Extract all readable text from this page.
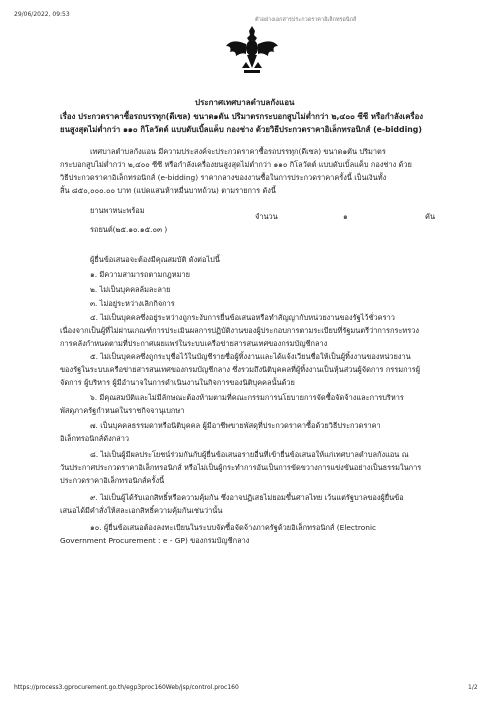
29/06/2022, 09:53
ตัวอย่างเอกสารประกวดราคาอิเล็กทรอนิกส์
ประกาศเทศบาลตำบลกังแอน
เรื่อง ประกวดราคาซื้อรถบรรทุก(ดีเซล) ขนาด๑ตัน ปริมาตรกระบอกสูบไม่ต่ำกว่า ๒,๔๐๐ ซีซี หรือกำลังเครื่อง
ยนสูงสุดไม่ต่ำกว่า ๑๑๐ กิโลวัตต์ แบบดับเบิ้ลแค็บ กองช่าง ด้วยวิธีประกวดราคาอิเล็กทรอนิกส์ (e-bidding)
เทศบาลตำบลกังแอน มีความประสงค์จะประกวดราคาซื้อรถบรรทุก(ดีเซล) ขนาด๑ตัน ปริมาตร
กระบอกสูบไม่ต่ำกว่า ๒,๔๐๐ ซีซี หรือกำลังเครื่องยนสูงสุดไม่ต่ำกว่า ๑๑๐ กิโลวัตต์ แบบดับเบิ้ลแค็บ กองช่าง ด้วย
วิธีประกวดราคาอิเล็กทรอนิกส์ (e-bidding) ราคากลางของงานซื้อในการประกวดราคาครั้งนี้ เป็นเงินทั้ง
สิ้น ๘๕๐,๐๐๐.๐๐ บาท (แปดแสนห้าหมื่นบาทถ้วน) ตามรายการ ดังนี้
ยานพาหนะพร้อม
จำนวน	๑	คัน
รถยนต์(๒๕.๑๐.๑๕.๐๓ )
ผู้ยื่นข้อเสนอจะต้องมีคุณสมบัติ ดังต่อไปนี้
๑. มีความสามารถตามกฎหมาย
๒. ไม่เป็นบุคคลล้มละลาย
๓. ไม่อยู่ระหว่างเลิกกิจการ
๔. ไม่เป็นบุคคลซึ่งอยู่ระหว่างถูกระงับการยื่นข้อเสนอหรือทำสัญญากับหน่วยงานของรัฐไว้ชั่วคราว
เนื่องจากเป็นผู้ที่ไม่ผ่านเกณฑ์การประเมินผลการปฏิบัติงานของผู้ประกอบการตามระเบียบที่รัฐมนตรีว่าการกระทรวง
การคลังกำหนดตามที่ประกาศเผยแพร่ในระบบเครือข่ายสารสนเทศของกรมบัญชีกลาง
๕. ไม่เป็นบุคคลซึ่งถูกระบุชื่อไว้ในบัญชีรายชื่อผู้ทิ้งงานและได้แจ้งเวียนชื่อให้เป็นผู้ทิ้งงานของหน่วยงาน
ของรัฐในระบบเครือข่ายสารสนเทศของกรมบัญชีกลาง ซึ่งรวมถึงนิติบุคคลที่ผู้ทิ้งงานเป็นหุ้นส่วนผู้จัดการ กรรมการผู้
จัดการ ผู้บริหาร ผู้มีอำนาจในการดำเนินงานในกิจการของนิติบุคคลนั้นด้วย
๖. มีคุณสมบัติและไม่มีลักษณะต้องห้ามตามที่คณะกรรมการนโยบายการจัดซื้อจัดจ้างและการบริหาร
พัสดุภาครัฐกำหนดในราชกิจจานุเบกษา
๗. เป็นบุคคลธรรมดาหรือนิติบุคคล ผู้มีอาชีพขายพัสดุที่ประกวดราคาซื้อด้วยวิธีประกวดราคา
อิเล็กทรอนิกส์ดังกล่าว
๘. ไม่เป็นผู้มีผลประโยชน์ร่วมกันกับผู้ยื่นข้อเสนอรายอื่นที่เข้ายื่นข้อเสนอให้แก่เทศบาลตำบลกังแอน ณ
วันประกาศประกวดราคาอิเล็กทรอนิกส์ หรือไม่เป็นผู้กระทำการอันเป็นการขัดขวางการแข่งขันอย่างเป็นธรรมในการ
ประกวดราคาอิเล็กทรอนิกส์ครั้งนี้
๙. ไม่เป็นผู้ได้รับเอกสิทธิ์หรือความคุ้มกัน ซึ่งอาจปฏิเสธไม่ยอมขึ้นศาลไทย เว้นแต่รัฐบาลของผู้ยื่นข้อ
เสนอได้มีคำสั่งให้สละเอกสิทธิ์ความคุ้มกันเช่นว่านั้น
๑๐. ผู้ยื่นข้อเสนอต้องลงทะเบียนในระบบจัดซื้อจัดจ้างภาครัฐด้วยอิเล็กทรอนิกส์ (Electronic
Government Procurement : e - GP) ของกรมบัญชีกลาง
https://process3.gprocurement.go.th/egp3proc160Web/jsp/control.proc160	1/2
